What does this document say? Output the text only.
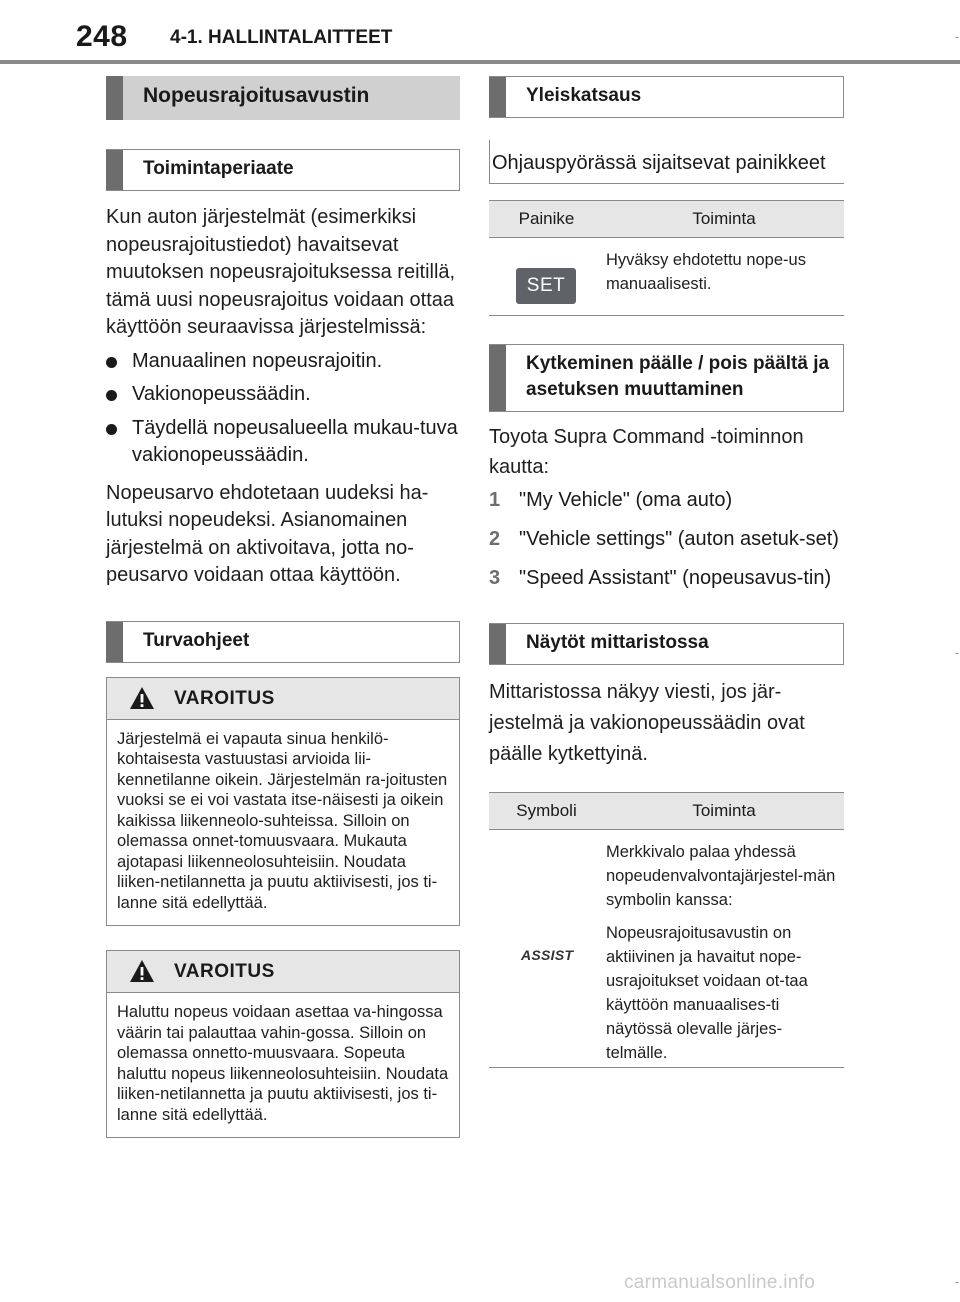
248 4-1. HALLINTALAITTEET
Nopeusrajoitusavustin
Toimintaperiaate

Kun auton järjestelmät (esimerkiksi nopeusrajoitustiedot) havaitsevat muutoksen nopeusrajoituksessa reitillä, tämä uusi nopeusrajoitus voidaan ottaa käyttöön seuraavissa järjestelmissä:

Manuaalinen nopeusrajoitin.
Vakionopeussäädin.
Täydellä nopeusalueella mukau-tuva vakionopeussäädin.

Nopeusarvo ehdotetaan uudeksi ha-lutuksi nopeudeksi. Asianomainen järjestelmä on aktivoitava, jotta no-peusarvo voidaan ottaa käyttöön.

Turvaohjeet
VAROITUS
Järjestelmä ei vapauta sinua henkilö-kohtaisesta vastuustasi arvioida lii-kennetilanne oikein. Järjestelmän ra-joitusten vuoksi se ei voi vastata itse-näisesti ja oikein kaikissa liikenneolo-suhteissa. Silloin on olemassa onnet-tomuusvaara. Mukauta ajotapasi liikenneolosuhteisiin. Noudata liiken-netilannetta ja puutu aktiivisesti, jos ti-lanne sitä edellyttää.
VAROITUS
Haluttu nopeus voidaan asettaa va-hingossa väärin tai palauttaa vahin-gossa. Silloin on olemassa onnetto-muusvaara. Sopeuta haluttu nopeus liikenneolosuhteisiin. Noudata liiken-netilannetta ja puutu aktiivisesti, jos ti-lanne sitä edellyttää.
Yleiskatsaus
Ohjauspyörässä sijaitsevat painikkeet
Painike	Toiminta
SET
Hyväksy ehdotettu nope-us manuaalisesti.
Kytkeminen päälle / pois päältä ja asetuksen muuttaminen

Toyota Supra Command -toiminnon kautta:

1 "My Vehicle" (oma auto)
2 "Vehicle settings" (auton asetuk-set)
3 "Speed Assistant" (nopeusavus-tin)
Näytöt mittaristossa

Mittaristossa näkyy viesti, jos jär-jestelmä ja vakionopeussäädin ovat päälle kytkettyinä.

Symboli	Toiminta
ASSIST

Merkkivalo palaa yhdessä nopeudenvalvontajärjestel-män symbolin kanssa:

Nopeusrajoitusavustin on aktiivinen ja havaitut nope-usrajoitukset voidaan ot-taa käyttöön manuaalises-ti näytössä olevalle järjes-telmälle.

carmanualsonline.info
